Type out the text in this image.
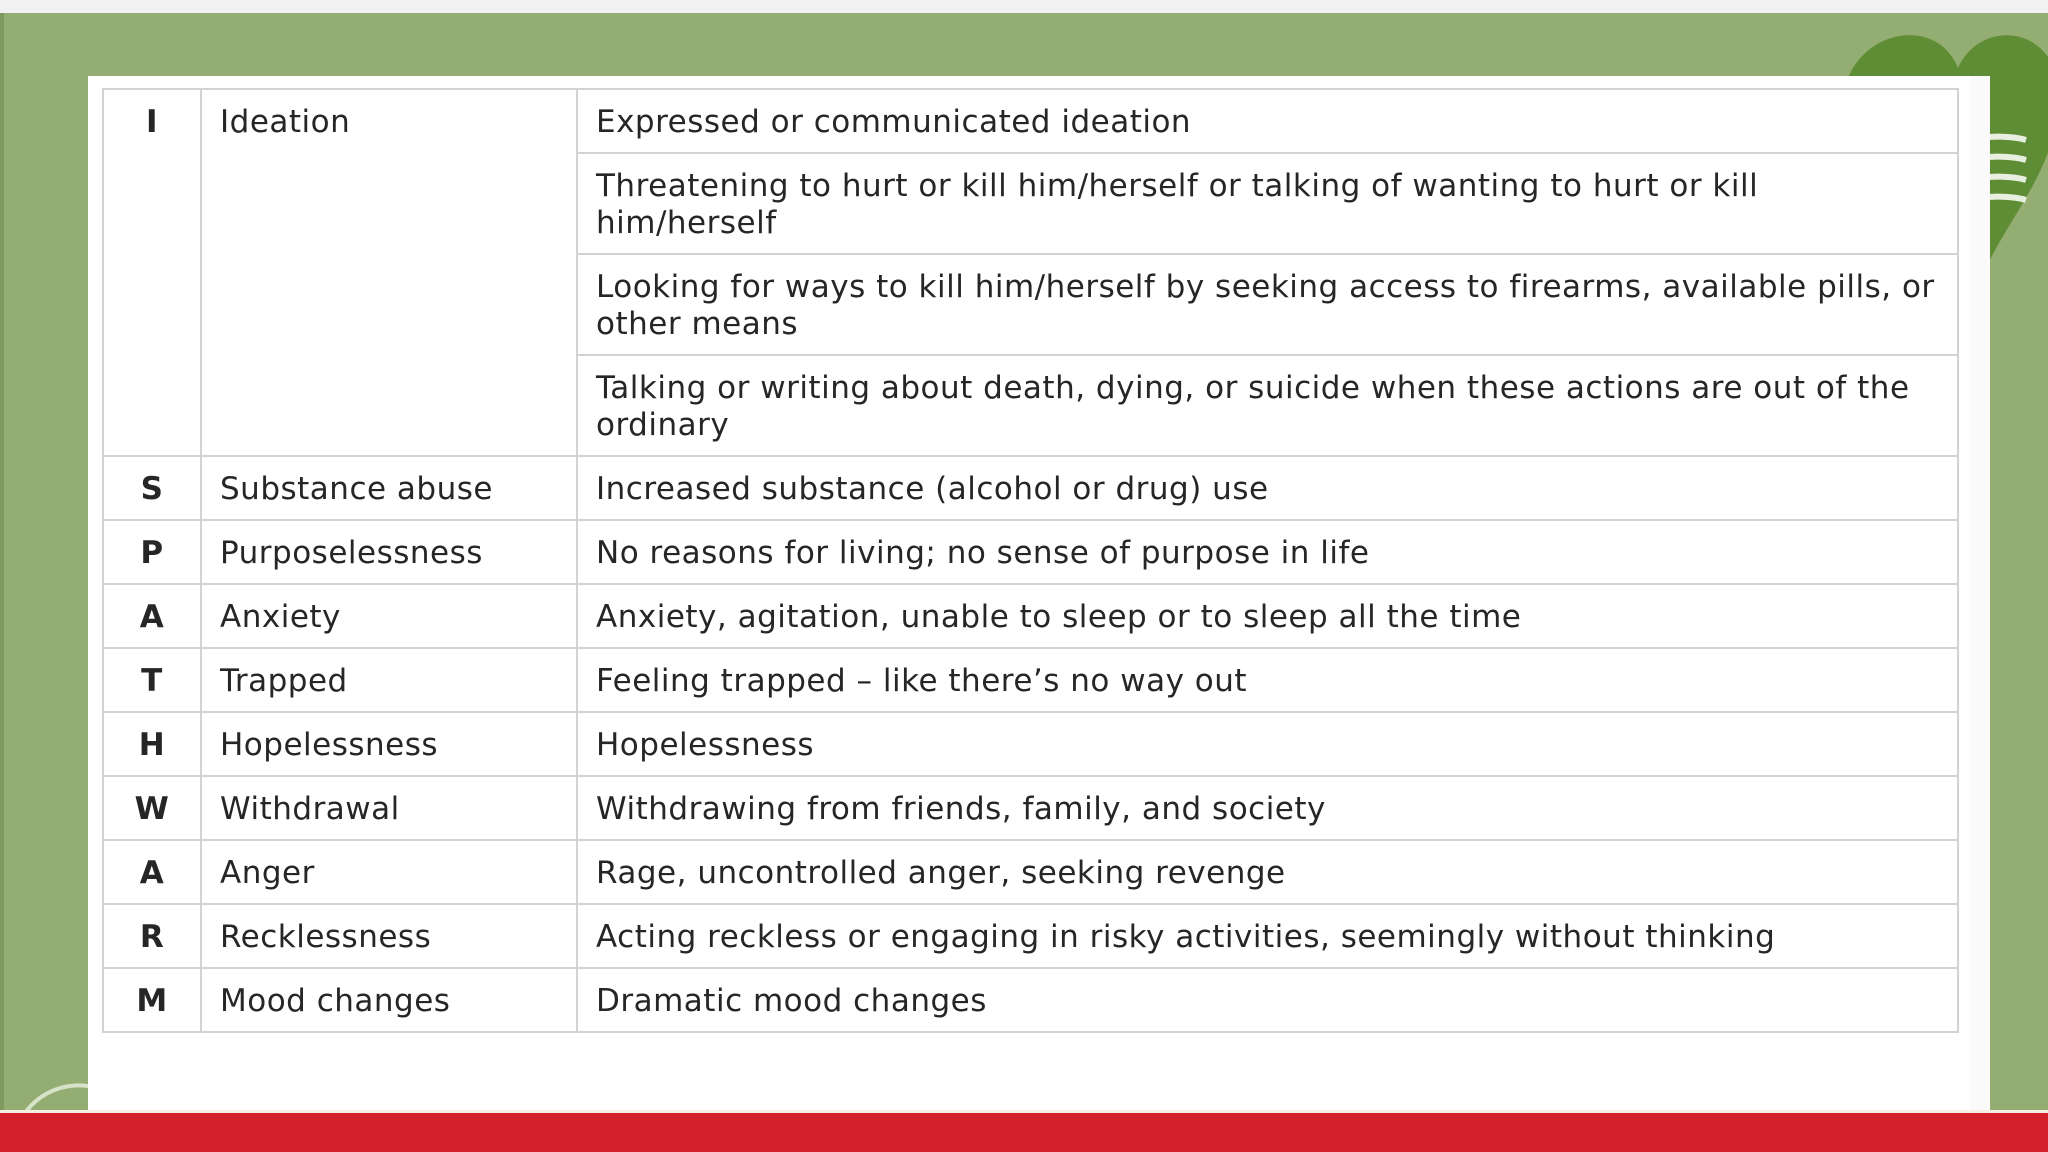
I	Ideation	Expressed or communicated ideation
		Threatening to hurt or kill him/herself or talking of wanting to hurt or kill him/herself
		Looking for ways to kill him/herself by seeking access to firearms, available pills, or other means
		Talking or writing about death, dying, or suicide when these actions are out of the ordinary
S	Substance abuse	Increased substance (alcohol or drug) use
P	Purposelessness	No reasons for living; no sense of purpose in life
A	Anxiety	Anxiety, agitation, unable to sleep or to sleep all the time
T	Trapped	Feeling trapped – like there’s no way out
H	Hopelessness	Hopelessness
W	Withdrawal	Withdrawing from friends, family, and society
A	Anger	Rage, uncontrolled anger, seeking revenge
R	Recklessness	Acting reckless or engaging in risky activities, seemingly without thinking
M	Mood changes	Dramatic mood changes
